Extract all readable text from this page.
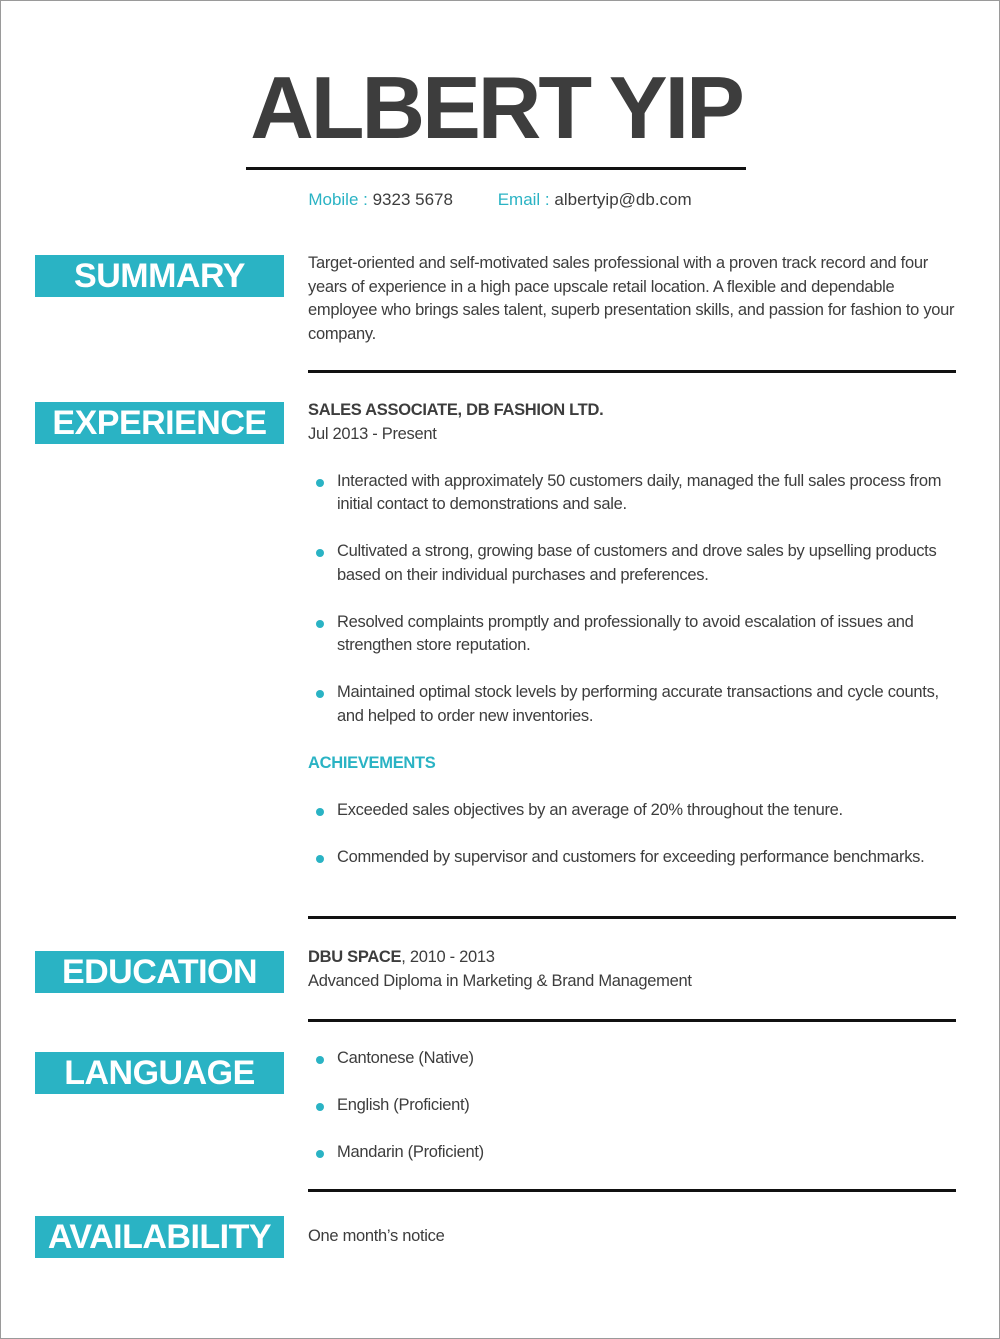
ALBERT YIP
Mobile : 9323 5678	Email : albertyip@db.com
SUMMARY	Target-oriented and self-motivated sales professional with a proven track record and four years of experience in a high pace upscale retail location. A flexible and dependable employee who brings sales talent, superb presentation skills, and passion for fashion to your company.
EXPERIENCE	SALES ASSOCIATE, DB FASHION LTD.
Jul 2013 - Present
Interacted with approximately 50 customers daily, managed the full sales process from initial contact to demonstrations and sale.
Cultivated a strong, growing base of customers and drove sales by upselling products based on their individual purchases and preferences.
Resolved complaints promptly and professionally to avoid escalation of issues and strengthen store reputation.
Maintained optimal stock levels by performing accurate transactions and cycle counts, and helped to order new inventories.
ACHIEVEMENTS
Exceeded sales objectives by an average of 20% throughout the tenure.
Commended by supervisor and customers for exceeding performance benchmarks.
EDUCATION	DBU SPACE, 2010 - 2013
Advanced Diploma in Marketing & Brand Management
LANGUAGE	Cantonese (Native)
English (Proficient)
Mandarin (Proficient)
AVAILABILITY	One month’s notice
